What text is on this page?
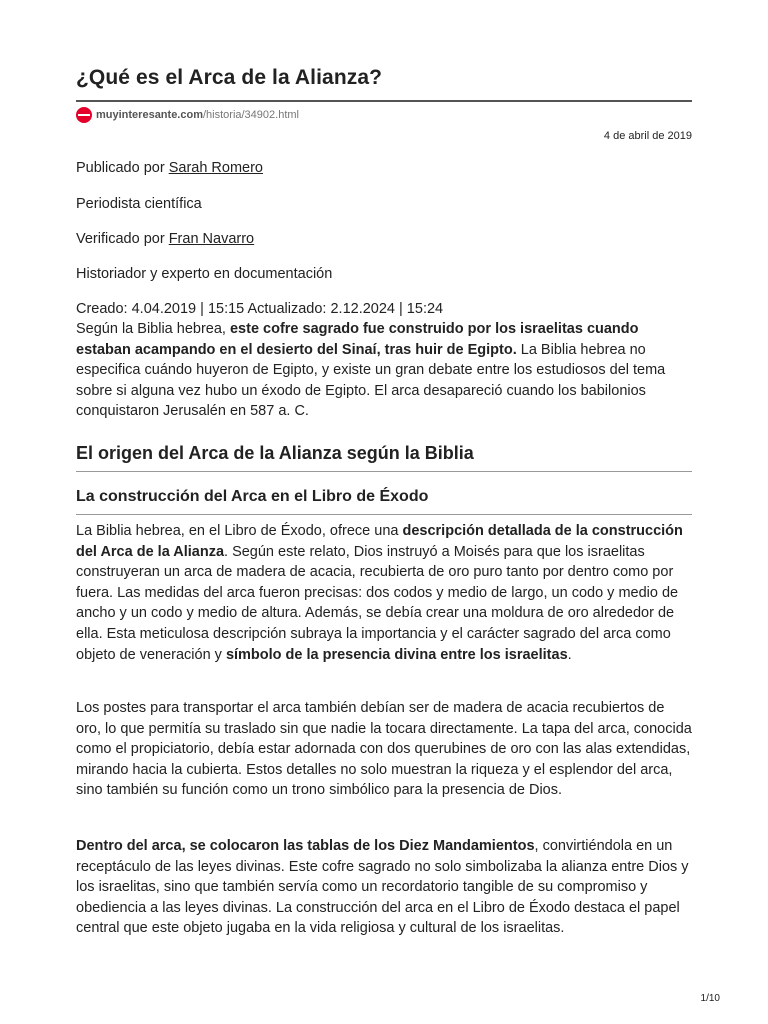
¿Qué es el Arca de la Alianza?
muyinteresante.com/historia/34902.html
4 de abril de 2019

Publicado por Sarah Romero

Periodista científica

Verificado por Fran Navarro

Historiador y experto en documentación

Creado: 4.04.2019 | 15:15 Actualizado: 2.12.2024 | 15:24

Según la Biblia hebrea, este cofre sagrado fue construido por los israelitas cuando estaban acampando en el desierto del Sinaí, tras huir de Egipto. La Biblia hebrea no especifica cuándo huyeron de Egipto, y existe un gran debate entre los estudiosos del tema sobre si alguna vez hubo un éxodo de Egipto. El arca desapareció cuando los babilonios conquistaron Jerusalén en 587 a. C.

El origen del Arca de la Alianza según la Biblia
La construcción del Arca en el Libro de Éxodo

La Biblia hebrea, en el Libro de Éxodo, ofrece una descripción detallada de la construcción del Arca de la Alianza. Según este relato, Dios instruyó a Moisés para que los israelitas construyeran un arca de madera de acacia, recubierta de oro puro tanto por dentro como por fuera. Las medidas del arca fueron precisas: dos codos y medio de largo, un codo y medio de ancho y un codo y medio de altura. Además, se debía crear una moldura de oro alrededor de ella. Esta meticulosa descripción subraya la importancia y el carácter sagrado del arca como objeto de veneración y símbolo de la presencia divina entre los israelitas.

Los postes para transportar el arca también debían ser de madera de acacia recubiertos de oro, lo que permitía su traslado sin que nadie la tocara directamente. La tapa del arca, conocida como el propiciatorio, debía estar adornada con dos querubines de oro con las alas extendidas, mirando hacia la cubierta. Estos detalles no solo muestran la riqueza y el esplendor del arca, sino también su función como un trono simbólico para la presencia de Dios.

Dentro del arca, se colocaron las tablas de los Diez Mandamientos, convirtiéndola en un receptáculo de las leyes divinas. Este cofre sagrado no solo simbolizaba la alianza entre Dios y los israelitas, sino que también servía como un recordatorio tangible de su compromiso y obediencia a las leyes divinas. La construcción del arca en el Libro de Éxodo destaca el papel central que este objeto jugaba en la vida religiosa y cultural de los israelitas.

1/10
